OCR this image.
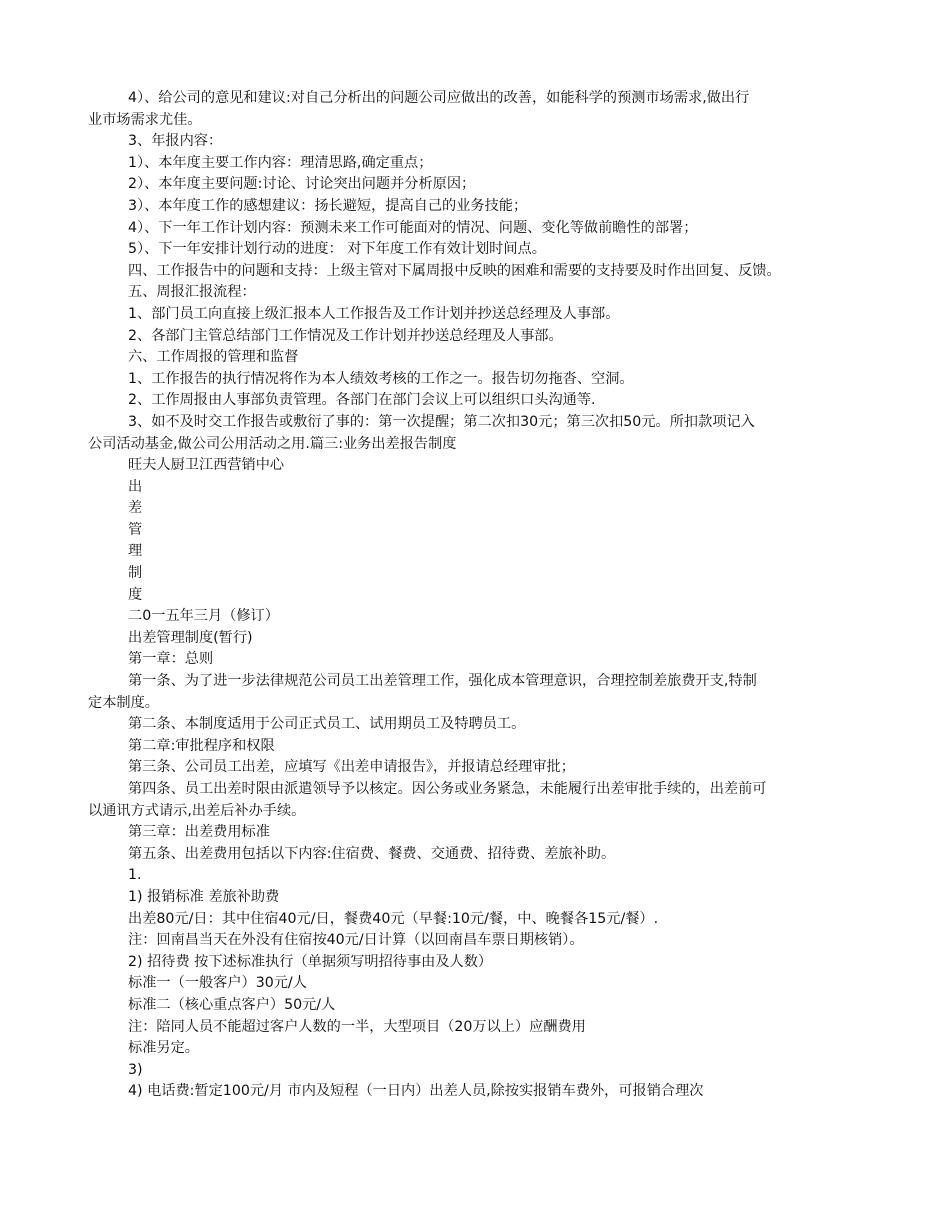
4）、给公司的意见和建议:对自己分析出的问题公司应做出的改善，如能科学的预测市场需求,做出行
业市场需求尤佳。
3、年报内容：
1）、本年度主要工作内容：理清思路,确定重点；
2）、本年度主要问题:讨论、讨论突出问题并分析原因；
3）、本年度工作的感想建议：扬长避短，提高自己的业务技能；
4）、下一年工作计划内容：预测未来工作可能面对的情况、问题、变化等做前瞻性的部署；
5）、下一年安排计划行动的进度： 对下年度工作有效计划时间点。
四、工作报告中的问题和支持：上级主管对下属周报中反映的困难和需要的支持要及时作出回复、反馈。
五、周报汇报流程：
1、部门员工向直接上级汇报本人工作报告及工作计划并抄送总经理及人事部。
2、各部门主管总结部门工作情况及工作计划并抄送总经理及人事部。
六、工作周报的管理和监督
1、工作报告的执行情况将作为本人绩效考核的工作之一。报告切勿拖沓、空洞。
2、工作周报由人事部负责管理。各部门在部门会议上可以组织口头沟通等.
3、如不及时交工作报告或敷衍了事的：第一次提醒；第二次扣30元；第三次扣50元。所扣款项记入
公司活动基金,做公司公用活动之用.篇三:业务出差报告制度
旺夫人厨卫江西营销中心
出
差
管
理
制
度
二0一五年三月（修订）
出差管理制度(暂行)
第一章：总则
第一条、为了进一步法律规范公司员工出差管理工作，强化成本管理意识，合理控制差旅费开支,特制
定本制度。
第二条、本制度适用于公司正式员工、试用期员工及特聘员工。
第二章:审批程序和权限
第三条、公司员工出差，应填写《出差申请报告》，并报请总经理审批；
第四条、员工出差时限由派遣领导予以核定。因公务或业务紧急，未能履行出差审批手续的，出差前可
以通讯方式请示,出差后补办手续。
第三章：出差费用标准
第五条、出差费用包括以下内容:住宿费、餐费、交通费、招待费、差旅补助。
1.
1) 报销标准 差旅补助费
出差80元/日：其中住宿40元/日，餐费40元（早餐:10元/餐，中、晚餐各15元/餐）.
注：回南昌当天在外没有住宿按40元/日计算（以回南昌车票日期核销）。
2) 招待费 按下述标准执行（单据须写明招待事由及人数）
标准一（一般客户）30元/人
标准二（核心重点客户）50元/人
注：陪同人员不能超过客户人数的一半，大型项目（20万以上）应酬费用
标准另定。
3)
4) 电话费:暂定100元/月 市内及短程（一日内）出差人员,除按实报销车费外，可报销合理次
